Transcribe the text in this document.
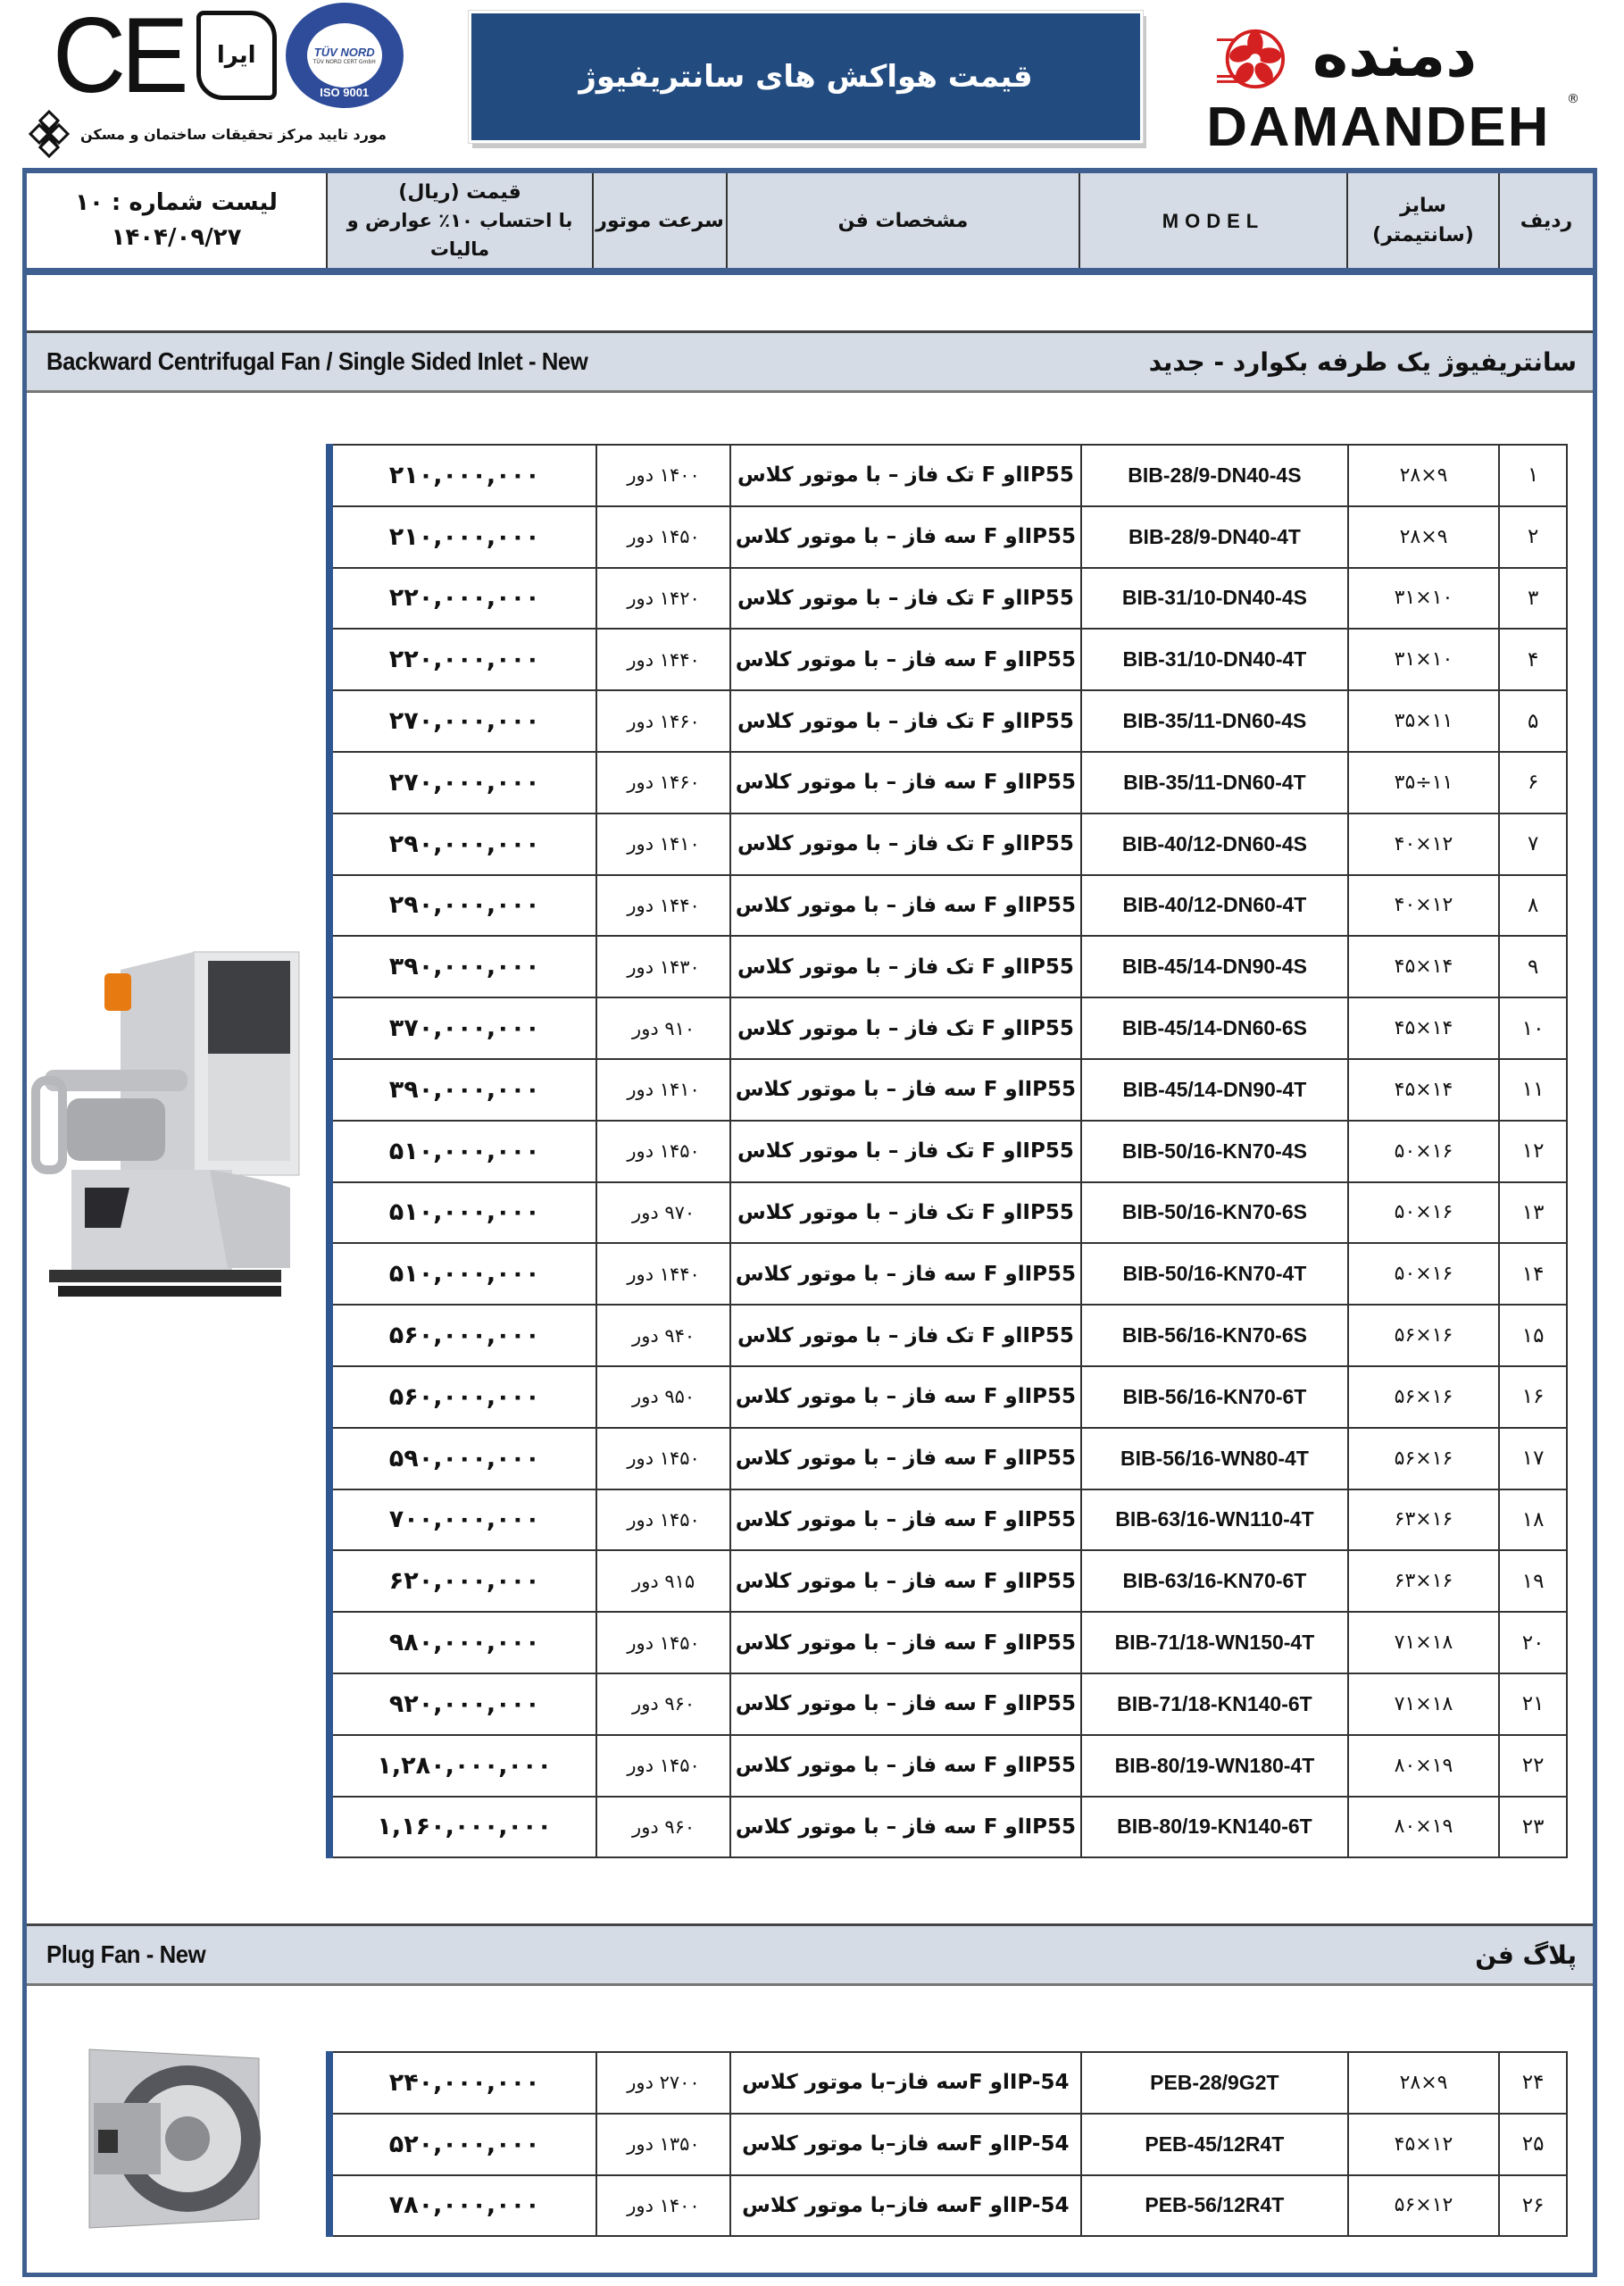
CE ایرا	TÜV NORD
TÜV NORD CERT GmbH
ISO 9001
مورد تایید مرکز تحقیقات ساختمان و مسکن
قیمت هواکش های سانتریفیوژ	دمنده
DAMANDEH ®
لیست شماره : ۱۰
۱۴۰۴/۰۹/۲۷
قیمت (ریال)
با احتساب ۱۰٪ عوارض و مالیات
سرعت موتور	مشخصات فن	MODEL
سایز (سانتیمتر)
ردیف
Backward Centrifugal Fan / Single Sided Inlet - New	سانتریفیوژ یک طرفه بکوارد - جدید
۲۱۰,۰۰۰,۰۰۰	۱۴۰۰ دور	IP55او F تک فاز – با موتور کلاس	BIB-28/9-DN40-4S	۲۸×۹	۱
۲۱۰,۰۰۰,۰۰۰	۱۴۵۰ دور	IP55او F سه فاز – با موتور کلاس	BIB-28/9-DN40-4T	۲۸×۹	۲
۲۲۰,۰۰۰,۰۰۰	۱۴۲۰ دور	IP55او F تک فاز – با موتور کلاس	BIB-31/10-DN40-4S	۳۱×۱۰	۳
۲۲۰,۰۰۰,۰۰۰	۱۴۴۰ دور	IP55او F سه فاز – با موتور کلاس	BIB-31/10-DN40-4T	۳۱×۱۰	۴
۲۷۰,۰۰۰,۰۰۰	۱۴۶۰ دور	IP55او F تک فاز – با موتور کلاس	BIB-35/11-DN60-4S	۳۵×۱۱	۵
۲۷۰,۰۰۰,۰۰۰	۱۴۶۰ دور	IP55او F سه فاز – با موتور کلاس	BIB-35/11-DN60-4T	۳۵÷۱۱	۶
۲۹۰,۰۰۰,۰۰۰	۱۴۱۰ دور	IP55او F تک فاز – با موتور کلاس	BIB-40/12-DN60-4S	۴۰×۱۲	۷
۲۹۰,۰۰۰,۰۰۰	۱۴۴۰ دور	IP55او F سه فاز – با موتور کلاس	BIB-40/12-DN60-4T	۴۰×۱۲	۸
۳۹۰,۰۰۰,۰۰۰	۱۴۳۰ دور	IP55او F تک فاز – با موتور کلاس	BIB-45/14-DN90-4S	۴۵×۱۴	۹
۳۷۰,۰۰۰,۰۰۰	۹۱۰ دور	IP55او F تک فاز – با موتور کلاس	BIB-45/14-DN60-6S	۴۵×۱۴	۱۰
۳۹۰,۰۰۰,۰۰۰	۱۴۱۰ دور	IP55او F سه فاز – با موتور کلاس	BIB-45/14-DN90-4T	۴۵×۱۴	۱۱
۵۱۰,۰۰۰,۰۰۰	۱۴۵۰ دور	IP55او F تک فاز – با موتور کلاس	BIB-50/16-KN70-4S	۵۰×۱۶	۱۲
۵۱۰,۰۰۰,۰۰۰	۹۷۰ دور	IP55او F تک فاز – با موتور کلاس	BIB-50/16-KN70-6S	۵۰×۱۶	۱۳
۵۱۰,۰۰۰,۰۰۰	۱۴۴۰ دور	IP55او F سه فاز – با موتور کلاس	BIB-50/16-KN70-4T	۵۰×۱۶	۱۴
۵۶۰,۰۰۰,۰۰۰	۹۴۰ دور	IP55او F تک فاز – با موتور کلاس	BIB-56/16-KN70-6S	۵۶×۱۶	۱۵
۵۶۰,۰۰۰,۰۰۰	۹۵۰ دور	IP55او F سه فاز – با موتور کلاس	BIB-56/16-KN70-6T	۵۶×۱۶	۱۶
۵۹۰,۰۰۰,۰۰۰	۱۴۵۰ دور	IP55او F سه فاز – با موتور کلاس	BIB-56/16-WN80-4T	۵۶×۱۶	۱۷
۷۰۰,۰۰۰,۰۰۰	۱۴۵۰ دور	IP55او F سه فاز – با موتور کلاس	BIB-63/16-WN110-4T	۶۳×۱۶	۱۸
۶۲۰,۰۰۰,۰۰۰	۹۱۵ دور	IP55او F سه فاز – با موتور کلاس	BIB-63/16-KN70-6T	۶۳×۱۶	۱۹
۹۸۰,۰۰۰,۰۰۰	۱۴۵۰ دور	IP55او F سه فاز – با موتور کلاس	BIB-71/18-WN150-4T	۷۱×۱۸	۲۰
۹۲۰,۰۰۰,۰۰۰	۹۶۰ دور	IP55او F سه فاز – با موتور کلاس	BIB-71/18-KN140-6T	۷۱×۱۸	۲۱
۱,۲۸۰,۰۰۰,۰۰۰	۱۴۵۰ دور	IP55او F سه فاز – با موتور کلاس	BIB-80/19-WN180-4T	۸۰×۱۹	۲۲
۱,۱۶۰,۰۰۰,۰۰۰	۹۶۰ دور	IP55او F سه فاز – با موتور کلاس	BIB-80/19-KN140-6T	۸۰×۱۹	۲۳
Plug Fan - New	پلاگ فن
۲۴۰,۰۰۰,۰۰۰	۲۷۰۰ دور	IP-54او Fسه فاز–با موتور کلاس	PEB-28/9G2T	۲۸×۹	۲۴
۵۲۰,۰۰۰,۰۰۰	۱۳۵۰ دور	IP-54او Fسه فاز–با موتور کلاس	PEB-45/12R4T	۴۵×۱۲	۲۵
۷۸۰,۰۰۰,۰۰۰	۱۴۰۰ دور	IP-54او Fسه فاز–با موتور کلاس	PEB-56/12R4T	۵۶×۱۲	۲۶
